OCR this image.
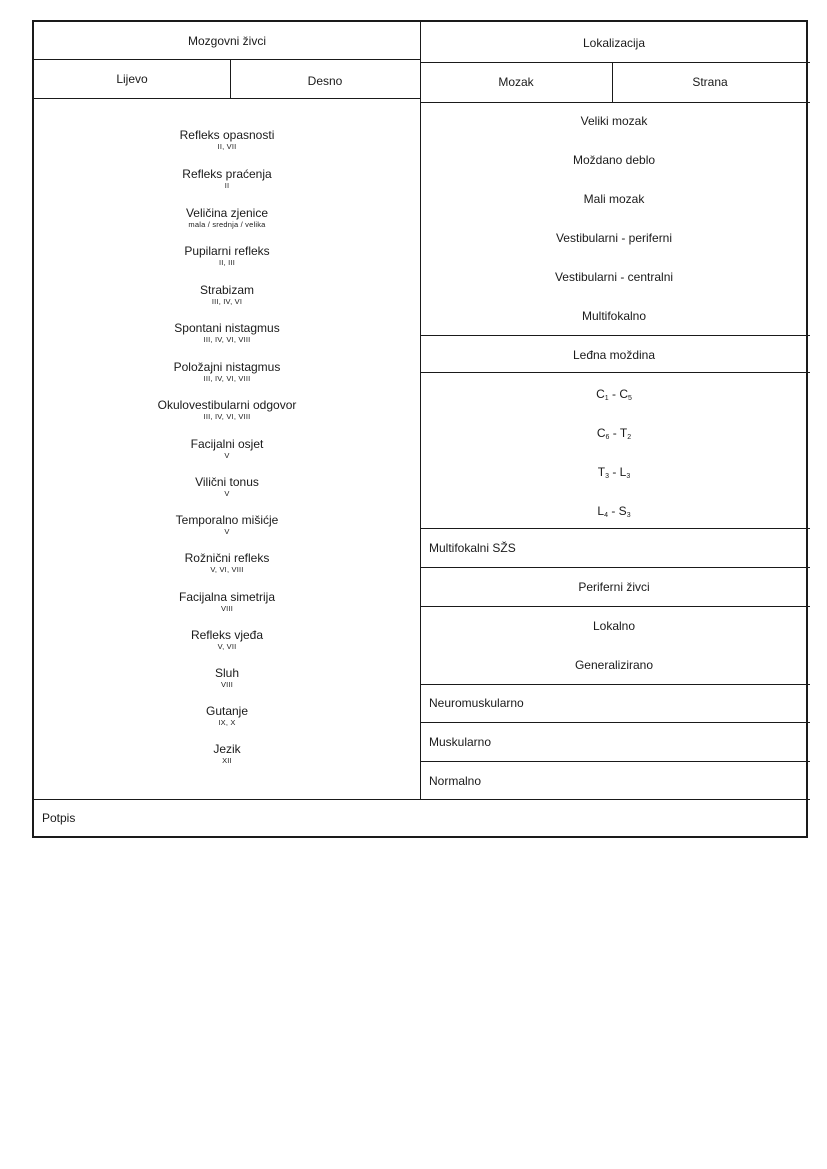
Mozgovni živci	Lokalizacija
Lijevo	Desno	Mozak	Strana
Refleks opasnosti
II, VII
Refleks praćenja
II
Veličina zjenice
mala / srednja / velika
Pupilarni refleks
II, III
Strabizam
III, IV, VI
Spontani nistagmus
III, IV, VI, VIII
Položajni nistagmus
III, IV, VI, VIII
Okulovestibularni odgovor
III, IV, VI, VIII
Facijalni osjet
V
Vilični tonus
V
Temporalno mišićje
V
Rožnični refleks
V, VI, VIII
Facijalna simetrija
VIII
Refleks vjeđa
V, VII
Sluh
VIII
Gutanje
IX, X
Jezik
XII
Veliki mozak
Moždano deblo
Mali mozak
Vestibularni - periferni
Vestibularni - centralni
Multifokalno
Leđna moždina
$C_1 - C_5$
$C_6 - T_2$
$T_3 - L_3$
$L_4 - S_3$
Multifokalni SŽS
Periferni živci
Lokalno
Generalizirano
Neuromuskularno
Muskularno
Normalno
Potpis
